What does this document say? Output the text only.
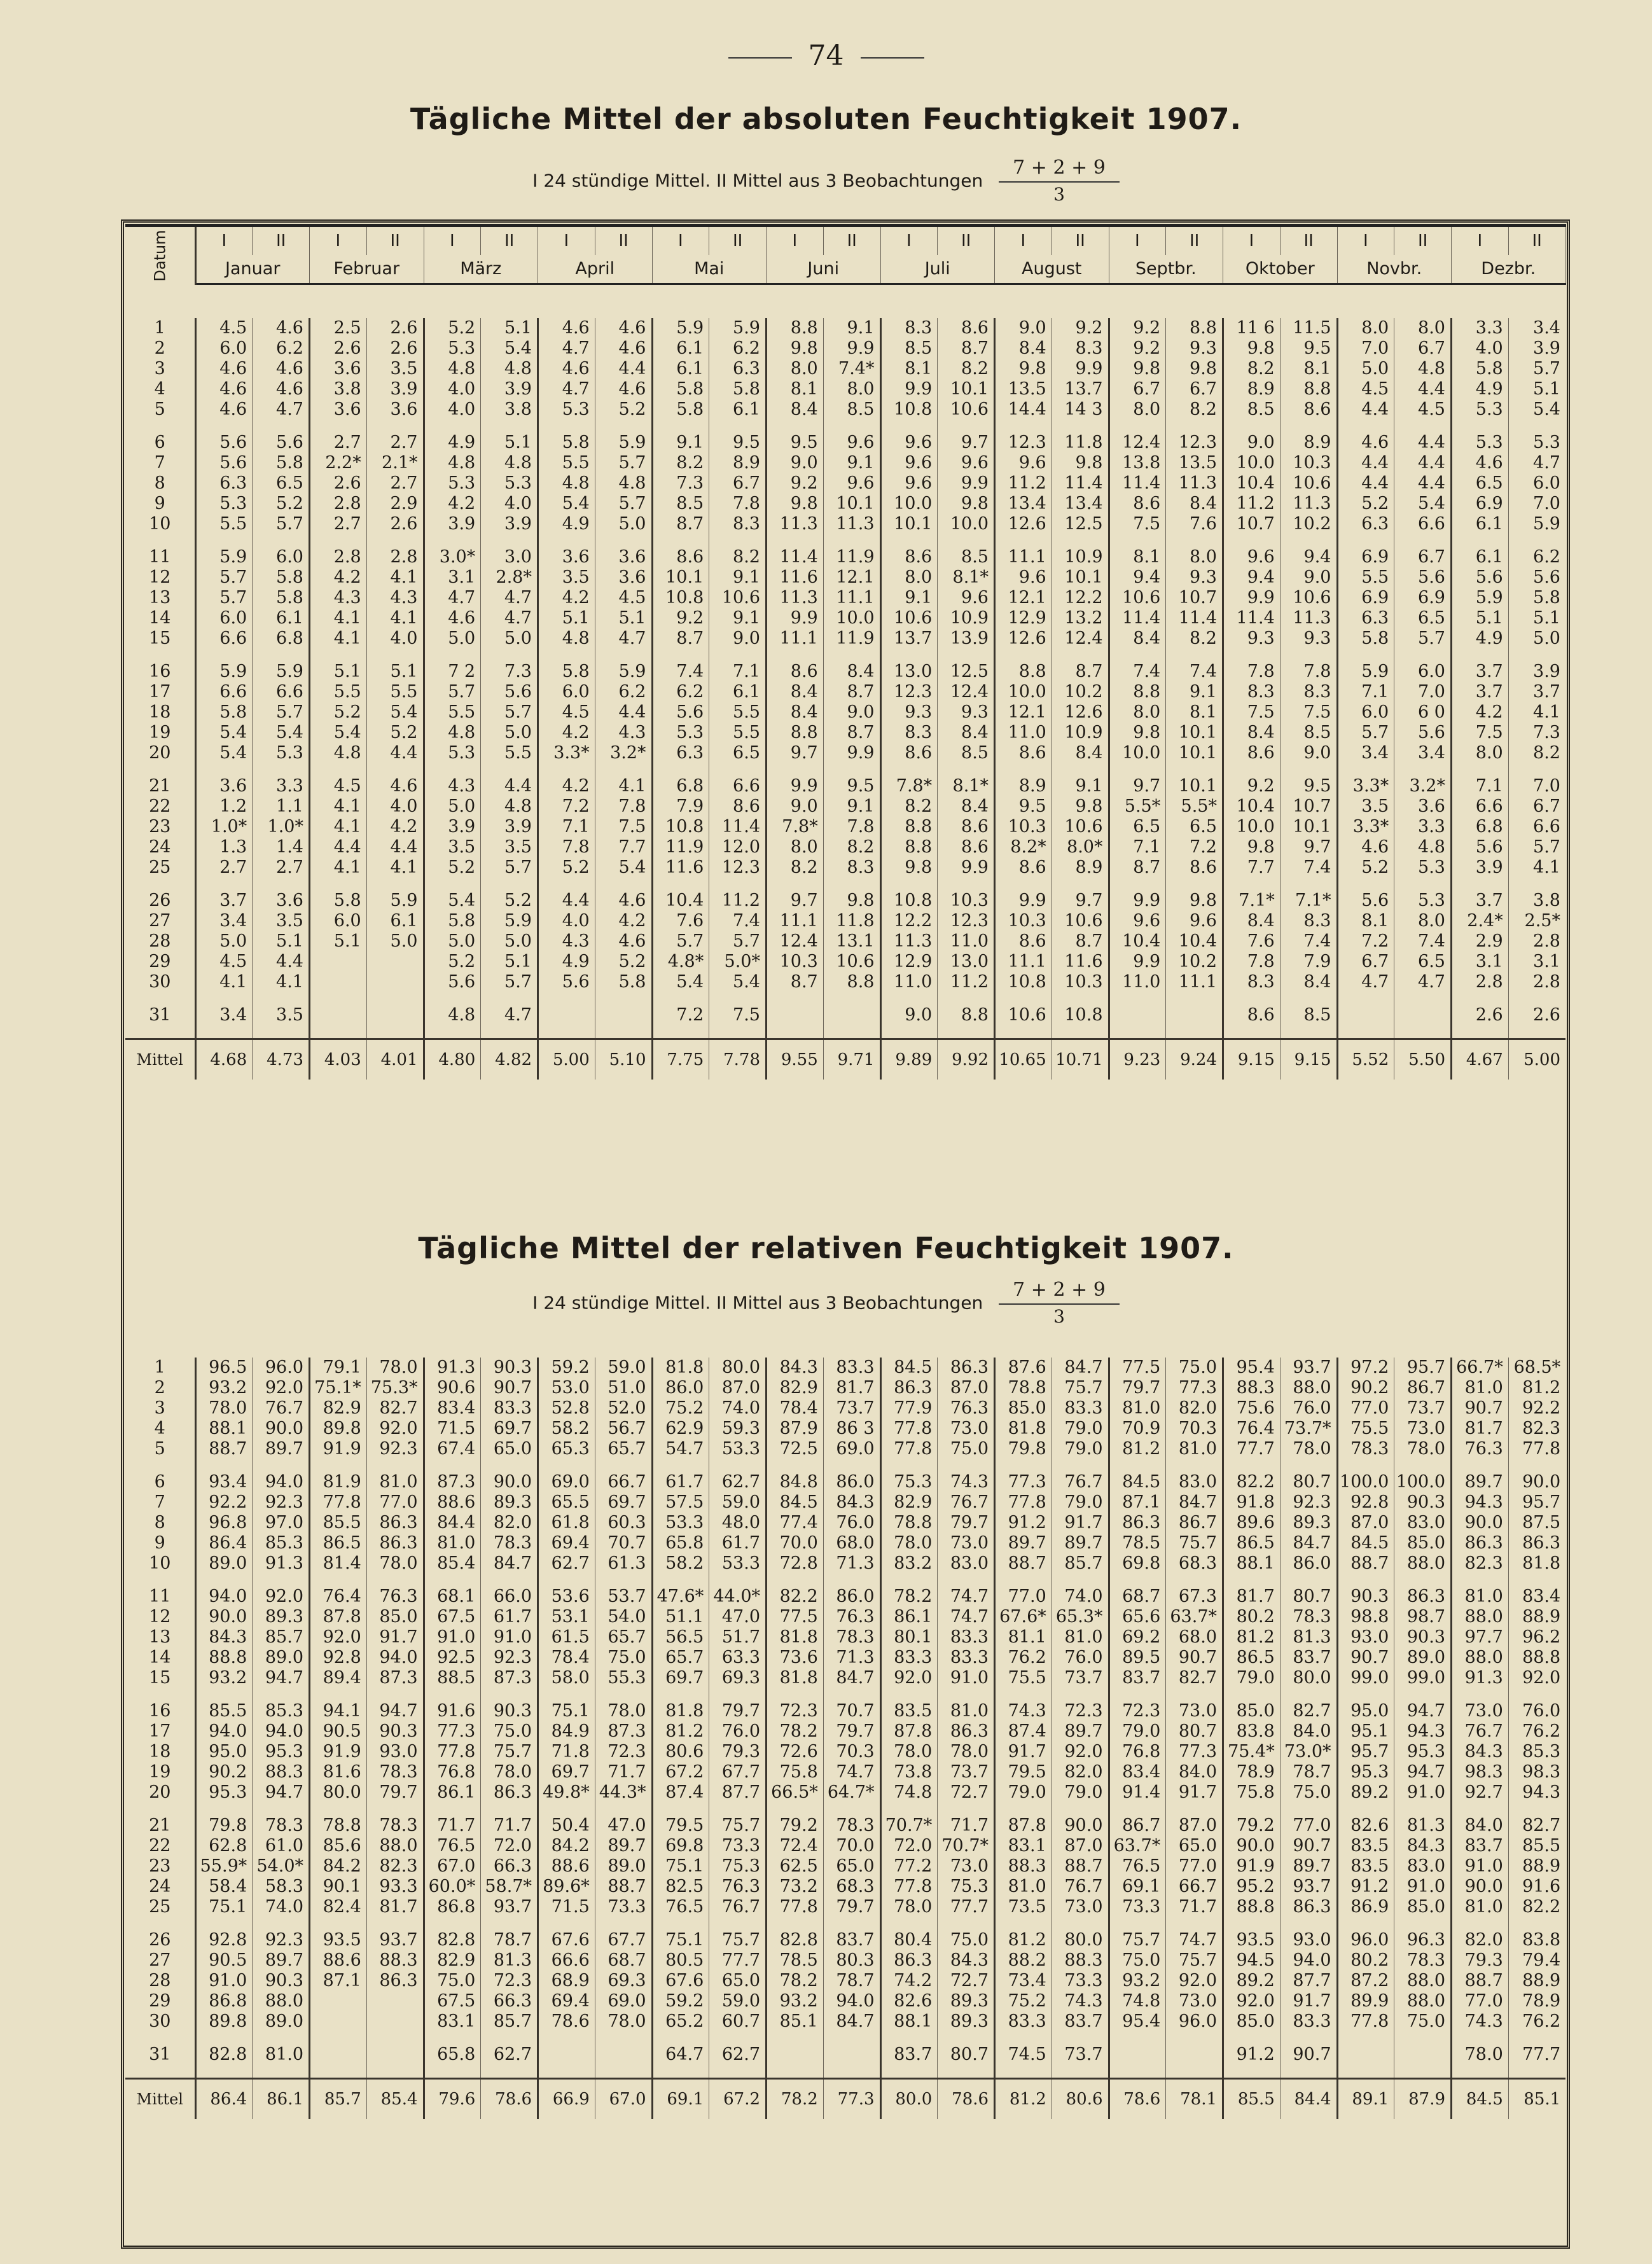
74
Tägliche Mittel der absoluten Feuchtigkeit 1907.
I 24 stündige Mittel. II Mittel aus 3 Beobachtungen $\frac{7 + 2 + 9}{3}$
Datum	I	II	I	II	I	II	I	II	I	II	I	II	I	II	I	II	I	II	I	II	I	II	I	II
	Januar		Februar		März		April		Mai		Juni		Juli		August		Septbr.		Oktober		Novbr.		Dezbr.	

1	4.5	4.6	2.5	2.6	5.2	5.1	4.6	4.6	5.9	5.9	8.8	9.1	8.3	8.6	9.0	9.2	9.2	8.8	11 6	11.5	8.0	8.0	3.3	3.4
2	6.0	6.2	2.6	2.6	5.3	5.4	4.7	4.6	6.1	6.2	9.8	9.9	8.5	8.7	8.4	8.3	9.2	9.3	9.8	9.5	7.0	6.7	4.0	3.9
3	4.6	4.6	3.6	3.5	4.8	4.8	4.6	4.4	6.1	6.3	8.0	7.4*	8.1	8.2	9.8	9.9	9.8	9.8	8.2	8.1	5.0	4.8	5.8	5.7
4	4.6	4.6	3.8	3.9	4.0	3.9	4.7	4.6	5.8	5.8	8.1	8.0	9.9	10.1	13.5	13.7	6.7	6.7	8.9	8.8	4.5	4.4	4.9	5.1
5	4.6	4.7	3.6	3.6	4.0	3.8	5.3	5.2	5.8	6.1	8.4	8.5	10.8	10.6	14.4	14 3	8.0	8.2	8.5	8.6	4.4	4.5	5.3	5.4

6	5.6	5.6	2.7	2.7	4.9	5.1	5.8	5.9	9.1	9.5	9.5	9.6	9.6	9.7	12.3	11.8	12.4	12.3	9.0	8.9	4.6	4.4	5.3	5.3
7	5.6	5.8	2.2*	2.1*	4.8	4.8	5.5	5.7	8.2	8.9	9.0	9.1	9.6	9.6	9.6	9.8	13.8	13.5	10.0	10.3	4.4	4.4	4.6	4.7
8	6.3	6.5	2.6	2.7	5.3	5.3	4.8	4.8	7.3	6.7	9.2	9.6	9.6	9.9	11.2	11.4	11.4	11.3	10.4	10.6	4.4	4.4	6.5	6.0
9	5.3	5.2	2.8	2.9	4.2	4.0	5.4	5.7	8.5	7.8	9.8	10.1	10.0	9.8	13.4	13.4	8.6	8.4	11.2	11.3	5.2	5.4	6.9	7.0
10	5.5	5.7	2.7	2.6	3.9	3.9	4.9	5.0	8.7	8.3	11.3	11.3	10.1	10.0	12.6	12.5	7.5	7.6	10.7	10.2	6.3	6.6	6.1	5.9

11	5.9	6.0	2.8	2.8	3.0*	3.0	3.6	3.6	8.6	8.2	11.4	11.9	8.6	8.5	11.1	10.9	8.1	8.0	9.6	9.4	6.9	6.7	6.1	6.2
12	5.7	5.8	4.2	4.1	3.1	2.8*	3.5	3.6	10.1	9.1	11.6	12.1	8.0	8.1*	9.6	10.1	9.4	9.3	9.4	9.0	5.5	5.6	5.6	5.6
13	5.7	5.8	4.3	4.3	4.7	4.7	4.2	4.5	10.8	10.6	11.3	11.1	9.1	9.6	12.1	12.2	10.6	10.7	9.9	10.6	6.9	6.9	5.9	5.8
14	6.0	6.1	4.1	4.1	4.6	4.7	5.1	5.1	9.2	9.1	9.9	10.0	10.6	10.9	12.9	13.2	11.4	11.4	11.4	11.3	6.3	6.5	5.1	5.1
15	6.6	6.8	4.1	4.0	5.0	5.0	4.8	4.7	8.7	9.0	11.1	11.9	13.7	13.9	12.6	12.4	8.4	8.2	9.3	9.3	5.8	5.7	4.9	5.0

16	5.9	5.9	5.1	5.1	7 2	7.3	5.8	5.9	7.4	7.1	8.6	8.4	13.0	12.5	8.8	8.7	7.4	7.4	7.8	7.8	5.9	6.0	3.7	3.9
17	6.6	6.6	5.5	5.5	5.7	5.6	6.0	6.2	6.2	6.1	8.4	8.7	12.3	12.4	10.0	10.2	8.8	9.1	8.3	8.3	7.1	7.0	3.7	3.7
18	5.8	5.7	5.2	5.4	5.5	5.7	4.5	4.4	5.6	5.5	8.4	9.0	9.3	9.3	12.1	12.6	8.0	8.1	7.5	7.5	6.0	6 0	4.2	4.1
19	5.4	5.4	5.4	5.2	4.8	5.0	4.2	4.3	5.3	5.5	8.8	8.7	8.3	8.4	11.0	10.9	9.8	10.1	8.4	8.5	5.7	5.6	7.5	7.3
20	5.4	5.3	4.8	4.4	5.3	5.5	3.3*	3.2*	6.3	6.5	9.7	9.9	8.6	8.5	8.6	8.4	10.0	10.1	8.6	9.0	3.4	3.4	8.0	8.2

21	3.6	3.3	4.5	4.6	4.3	4.4	4.2	4.1	6.8	6.6	9.9	9.5	7.8*	8.1*	8.9	9.1	9.7	10.1	9.2	9.5	3.3*	3.2*	7.1	7.0
22	1.2	1.1	4.1	4.0	5.0	4.8	7.2	7.8	7.9	8.6	9.0	9.1	8.2	8.4	9.5	9.8	5.5*	5.5*	10.4	10.7	3.5	3.6	6.6	6.7
23	1.0*	1.0*	4.1	4.2	3.9	3.9	7.1	7.5	10.8	11.4	7.8*	7.8	8.8	8.6	10.3	10.6	6.5	6.5	10.0	10.1	3.3*	3.3	6.8	6.6
24	1.3	1.4	4.4	4.4	3.5	3.5	7.8	7.7	11.9	12.0	8.0	8.2	8.8	8.6	8.2*	8.0*	7.1	7.2	9.8	9.7	4.6	4.8	5.6	5.7
25	2.7	2.7	4.1	4.1	5.2	5.7	5.2	5.4	11.6	12.3	8.2	8.3	9.8	9.9	8.6	8.9	8.7	8.6	7.7	7.4	5.2	5.3	3.9	4.1

26	3.7	3.6	5.8	5.9	5.4	5.2	4.4	4.6	10.4	11.2	9.7	9.8	10.8	10.3	9.9	9.7	9.9	9.8	7.1*	7.1*	5.6	5.3	3.7	3.8
27	3.4	3.5	6.0	6.1	5.8	5.9	4.0	4.2	7.6	7.4	11.1	11.8	12.2	12.3	10.3	10.6	9.6	9.6	8.4	8.3	8.1	8.0	2.4*	2.5*
28	5.0	5.1	5.1	5.0	5.0	5.0	4.3	4.6	5.7	5.7	12.4	13.1	11.3	11.0	8.6	8.7	10.4	10.4	7.6	7.4	7.2	7.4	2.9	2.8
29	4.5	4.4			5.2	5.1	4.9	5.2	4.8*	5.0*	10.3	10.6	12.9	13.0	11.1	11.6	9.9	10.2	7.8	7.9	6.7	6.5	3.1	3.1
30	4.1	4.1			5.6	5.7	5.6	5.8	5.4	5.4	8.7	8.8	11.0	11.2	10.8	10.3	11.0	11.1	8.3	8.4	4.7	4.7	2.8	2.8

31	3.4	3.5			4.8	4.7			7.2	7.5			9.0	8.8	10.6	10.8			8.6	8.5			2.6	2.6

Mittel	4.68	4.73	4.03	4.01	4.80	4.82	5.00	5.10	7.75	7.78	9.55	9.71	9.89	9.92	10.65	10.71	9.23	9.24	9.15	9.15	5.52	5.50	4.67	5.00
Tägliche Mittel der relativen Feuchtigkeit 1907.
I 24 stündige Mittel. II Mittel aus 3 Beobachtungen $\frac{7 + 2 + 9}{3}$

1	96.5	96.0	79.1	78.0	91.3	90.3	59.2	59.0	81.8	80.0	84.3	83.3	84.5	86.3	87.6	84.7	77.5	75.0	95.4	93.7	97.2	95.7	66.7*	68.5*
2	93.2	92.0	75.1*	75.3*	90.6	90.7	53.0	51.0	86.0	87.0	82.9	81.7	86.3	87.0	78.8	75.7	79.7	77.3	88.3	88.0	90.2	86.7	81.0	81.2
3	78.0	76.7	82.9	82.7	83.4	83.3	52.8	52.0	75.2	74.0	78.4	73.7	77.9	76.3	85.0	83.3	81.0	82.0	75.6	76.0	77.0	73.7	90.7	92.2
4	88.1	90.0	89.8	92.0	71.5	69.7	58.2	56.7	62.9	59.3	87.9	86 3	77.8	73.0	81.8	79.0	70.9	70.3	76.4	73.7*	75.5	73.0	81.7	82.3
5	88.7	89.7	91.9	92.3	67.4	65.0	65.3	65.7	54.7	53.3	72.5	69.0	77.8	75.0	79.8	79.0	81.2	81.0	77.7	78.0	78.3	78.0	76.3	77.8

6	93.4	94.0	81.9	81.0	87.3	90.0	69.0	66.7	61.7	62.7	84.8	86.0	75.3	74.3	77.3	76.7	84.5	83.0	82.2	80.7	100.0	100.0	89.7	90.0
7	92.2	92.3	77.8	77.0	88.6	89.3	65.5	69.7	57.5	59.0	84.5	84.3	82.9	76.7	77.8	79.0	87.1	84.7	91.8	92.3	92.8	90.3	94.3	95.7
8	96.8	97.0	85.5	86.3	84.4	82.0	61.8	60.3	53.3	48.0	77.4	76.0	78.8	79.7	91.2	91.7	86.3	86.7	89.6	89.3	87.0	83.0	90.0	87.5
9	86.4	85.3	86.5	86.3	81.0	78.3	69.4	70.7	65.8	61.7	70.0	68.0	78.0	73.0	89.7	89.7	78.5	75.7	86.5	84.7	84.5	85.0	86.3	86.3
10	89.0	91.3	81.4	78.0	85.4	84.7	62.7	61.3	58.2	53.3	72.8	71.3	83.2	83.0	88.7	85.7	69.8	68.3	88.1	86.0	88.7	88.0	82.3	81.8

11	94.0	92.0	76.4	76.3	68.1	66.0	53.6	53.7	47.6*	44.0*	82.2	86.0	78.2	74.7	77.0	74.0	68.7	67.3	81.7	80.7	90.3	86.3	81.0	83.4
12	90.0	89.3	87.8	85.0	67.5	61.7	53.1	54.0	51.1	47.0	77.5	76.3	86.1	74.7	67.6*	65.3*	65.6	63.7*	80.2	78.3	98.8	98.7	88.0	88.9
13	84.3	85.7	92.0	91.7	91.0	91.0	61.5	65.7	56.5	51.7	81.8	78.3	80.1	83.3	81.1	81.0	69.2	68.0	81.2	81.3	93.0	90.3	97.7	96.2
14	88.8	89.0	92.8	94.0	92.5	92.3	78.4	75.0	65.7	63.3	73.6	71.3	83.3	83.3	76.2	76.0	89.5	90.7	86.5	83.7	90.7	89.0	88.0	88.8
15	93.2	94.7	89.4	87.3	88.5	87.3	58.0	55.3	69.7	69.3	81.8	84.7	92.0	91.0	75.5	73.7	83.7	82.7	79.0	80.0	99.0	99.0	91.3	92.0

16	85.5	85.3	94.1	94.7	91.6	90.3	75.1	78.0	81.8	79.7	72.3	70.7	83.5	81.0	74.3	72.3	72.3	73.0	85.0	82.7	95.0	94.7	73.0	76.0
17	94.0	94.0	90.5	90.3	77.3	75.0	84.9	87.3	81.2	76.0	78.2	79.7	87.8	86.3	87.4	89.7	79.0	80.7	83.8	84.0	95.1	94.3	76.7	76.2
18	95.0	95.3	91.9	93.0	77.8	75.7	71.8	72.3	80.6	79.3	72.6	70.3	78.0	78.0	91.7	92.0	76.8	77.3	75.4*	73.0*	95.7	95.3	84.3	85.3
19	90.2	88.3	81.6	78.3	76.8	78.0	69.7	71.7	67.2	67.7	75.8	74.7	73.8	73.7	79.5	82.0	83.4	84.0	78.9	78.7	95.3	94.7	98.3	98.3
20	95.3	94.7	80.0	79.7	86.1	86.3	49.8*	44.3*	87.4	87.7	66.5*	64.7*	74.8	72.7	79.0	79.0	91.4	91.7	75.8	75.0	89.2	91.0	92.7	94.3

21	79.8	78.3	78.8	78.3	71.7	71.7	50.4	47.0	79.5	75.7	79.2	78.3	70.7*	71.7	87.8	90.0	86.7	87.0	79.2	77.0	82.6	81.3	84.0	82.7
22	62.8	61.0	85.6	88.0	76.5	72.0	84.2	89.7	69.8	73.3	72.4	70.0	72.0	70.7*	83.1	87.0	63.7*	65.0	90.0	90.7	83.5	84.3	83.7	85.5
23	55.9*	54.0*	84.2	82.3	67.0	66.3	88.6	89.0	75.1	75.3	62.5	65.0	77.2	73.0	88.3	88.7	76.5	77.0	91.9	89.7	83.5	83.0	91.0	88.9
24	58.4	58.3	90.1	93.3	60.0*	58.7*	89.6*	88.7	82.5	76.3	73.2	68.3	77.8	75.3	81.0	76.7	69.1	66.7	95.2	93.7	91.2	91.0	90.0	91.6
25	75.1	74.0	82.4	81.7	86.8	93.7	71.5	73.3	76.5	76.7	77.8	79.7	78.0	77.7	73.5	73.0	73.3	71.7	88.8	86.3	86.9	85.0	81.0	82.2

26	92.8	92.3	93.5	93.7	82.8	78.7	67.6	67.7	75.1	75.7	82.8	83.7	80.4	75.0	81.2	80.0	75.7	74.7	93.5	93.0	96.0	96.3	82.0	83.8
27	90.5	89.7	88.6	88.3	82.9	81.3	66.6	68.7	80.5	77.7	78.5	80.3	86.3	84.3	88.2	88.3	75.0	75.7	94.5	94.0	80.2	78.3	79.3	79.4
28	91.0	90.3	87.1	86.3	75.0	72.3	68.9	69.3	67.6	65.0	78.2	78.7	74.2	72.7	73.4	73.3	93.2	92.0	89.2	87.7	87.2	88.0	88.7	88.9
29	86.8	88.0			67.5	66.3	69.4	69.0	59.2	59.0	93.2	94.0	82.6	89.3	75.2	74.3	74.8	73.0	92.0	91.7	89.9	88.0	77.0	78.9
30	89.8	89.0			83.1	85.7	78.6	78.0	65.2	60.7	85.1	84.7	88.1	89.3	83.3	83.7	95.4	96.0	85.0	83.3	77.8	75.0	74.3	76.2

31	82.8	81.0			65.8	62.7			64.7	62.7			83.7	80.7	74.5	73.7			91.2	90.7			78.0	77.7

Mittel	86.4	86.1	85.7	85.4	79.6	78.6	66.9	67.0	69.1	67.2	78.2	77.3	80.0	78.6	81.2	80.6	78.6	78.1	85.5	84.4	89.1	87.9	84.5	85.1
